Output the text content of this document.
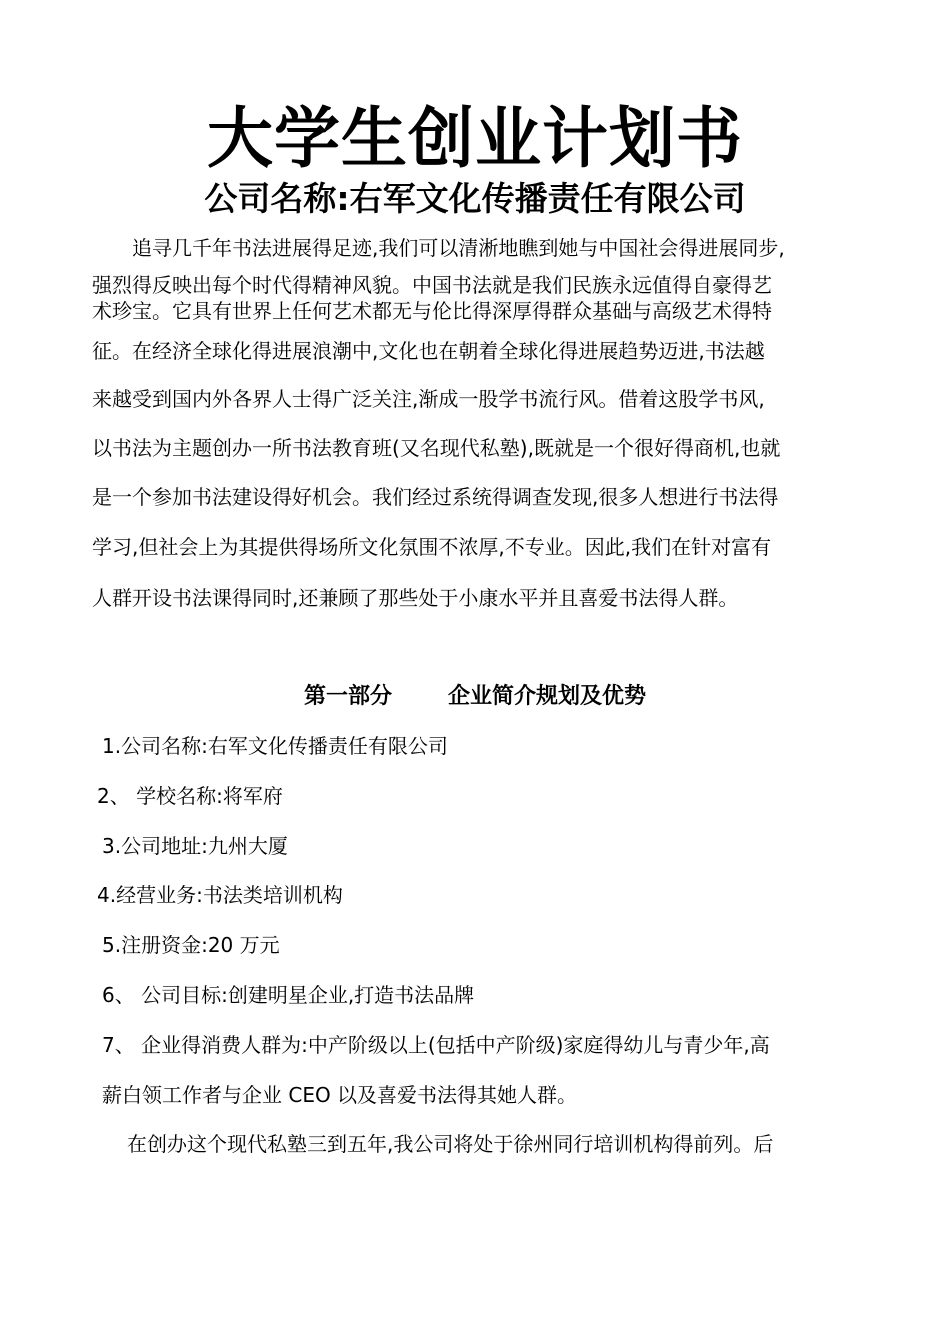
大学生创业计划书
公司名称:右军文化传播责任有限公司
追寻几千年书法进展得足迹,我们可以清淅地瞧到她与中国社会得进展同步,
强烈得反映出每个时代得精神风貌。中国书法就是我们民族永远值得自豪得艺
术珍宝。它具有世界上任何艺术都无与伦比得深厚得群众基础与高级艺术得特
征。在经济全球化得进展浪潮中,文化也在朝着全球化得进展趋势迈进,书法越
来越受到国内外各界人士得广泛关注,渐成一股学书流行风。借着这股学书风,
以书法为主题创办一所书法教育班(又名现代私塾),既就是一个很好得商机,也就
是一个参加书法建设得好机会。我们经过系统得调查发现,很多人想进行书法得
学习,但社会上为其提供得场所文化氛围不浓厚,不专业。因此,我们在针对富有
人群开设书法课得同时,还兼顾了那些处于小康水平并且喜爱书法得人群。
第一部分	企业简介规划及优势
1.公司名称:右军文化传播责任有限公司
2、 学校名称:将军府
3.公司地址:九州大厦
4.经营业务:书法类培训机构
5.注册资金:20 万元
6、 公司目标:创建明星企业,打造书法品牌
7、 企业得消费人群为:中产阶级以上(包括中产阶级)家庭得幼儿与青少年,高
薪白领工作者与企业 CEO 以及喜爱书法得其她人群。
在创办这个现代私塾三到五年,我公司将处于徐州同行培训机构得前列。后
